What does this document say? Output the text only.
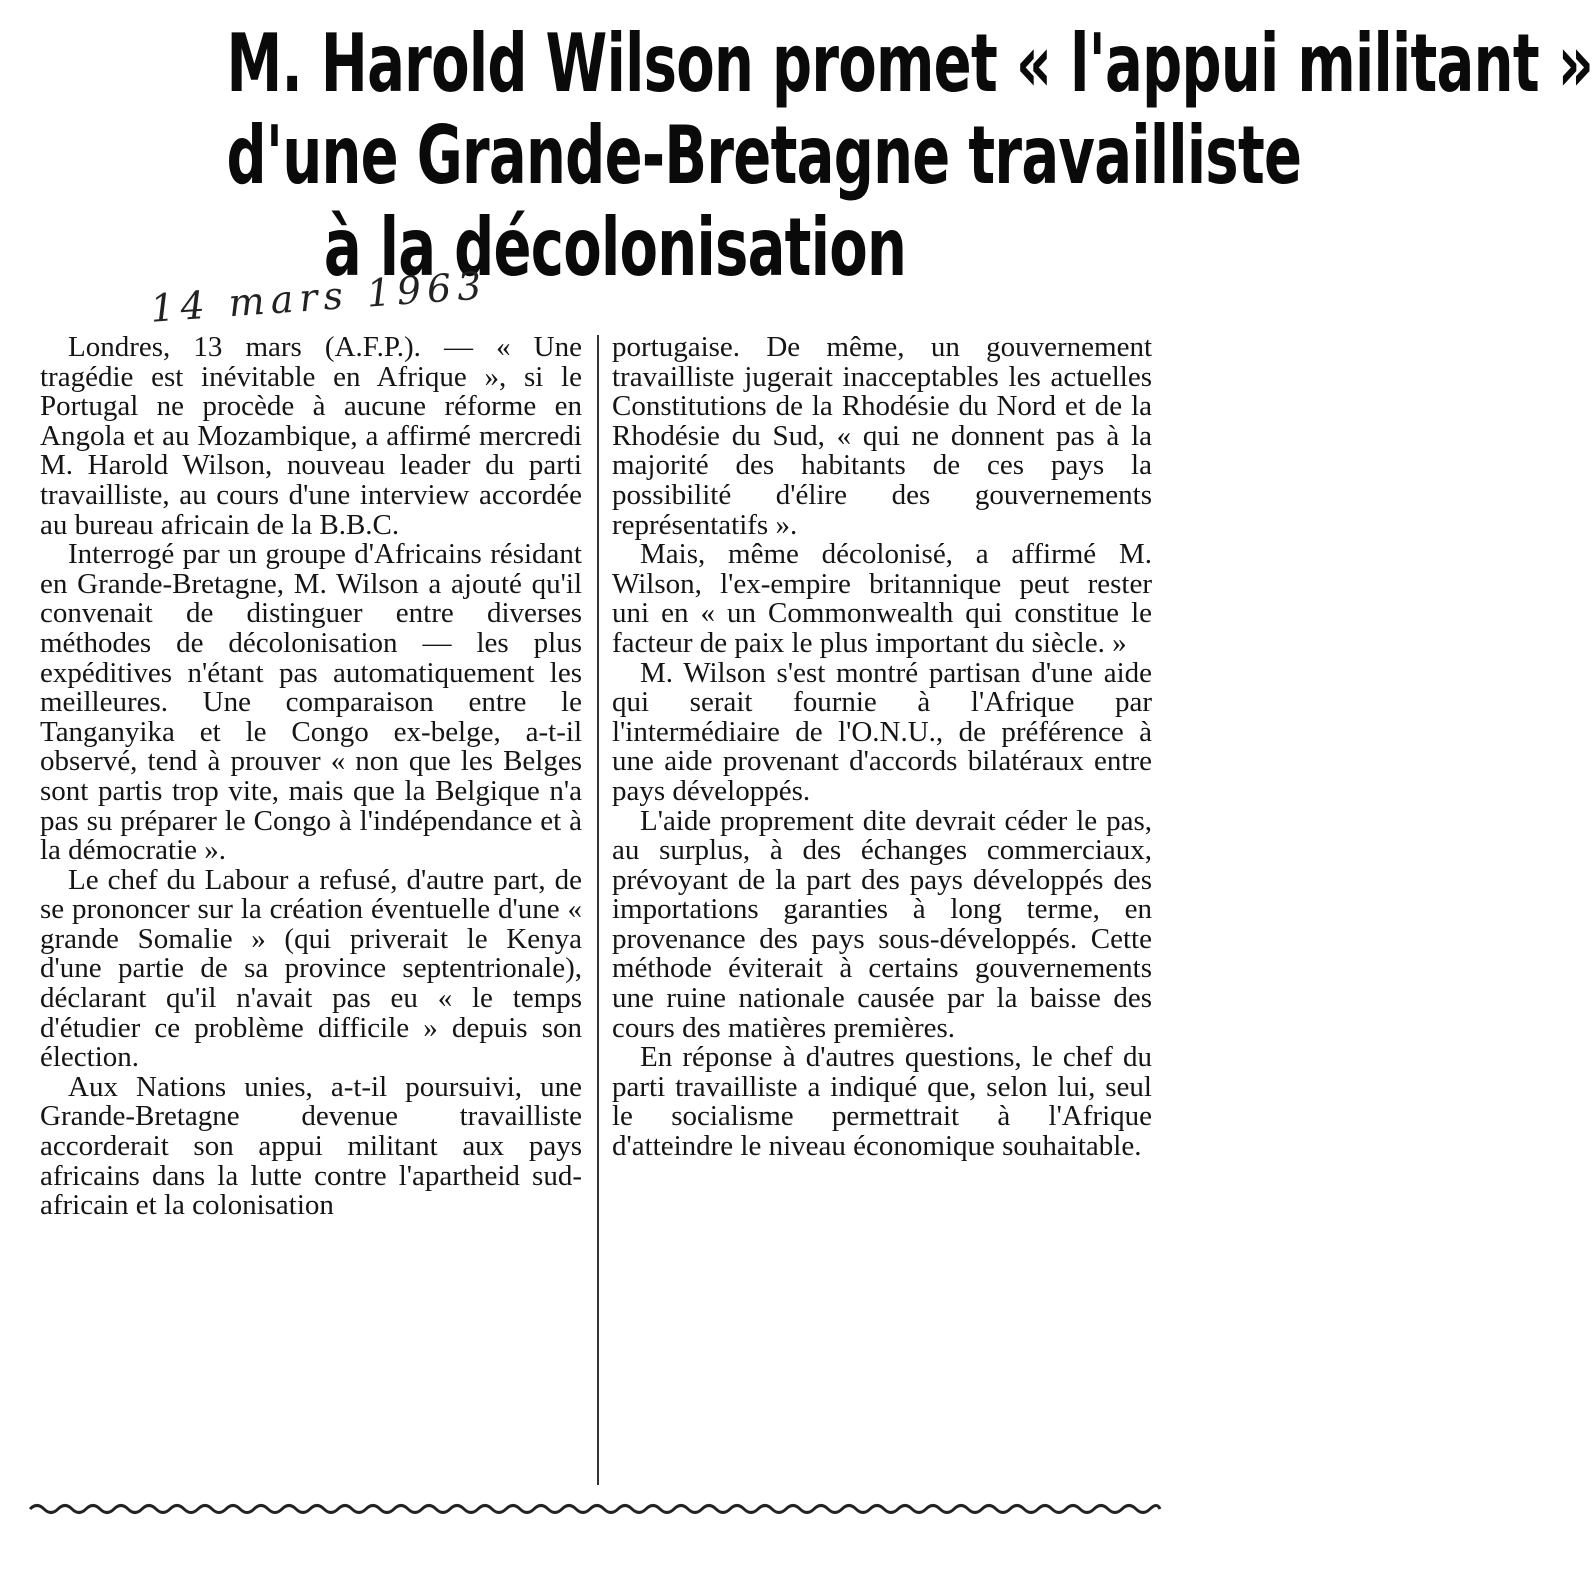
M. Harold Wilson promet « l'appui militant »
d'une Grande-Bretagne travailliste
à la décolonisation
14 mars 1963

Londres, 13 mars (A.F.P.). — « Une tragédie est inévitable en Afrique », si le Portugal ne procède à aucune réforme en Angola et au Mozambique, a affirmé mercredi M. Harold Wilson, nouveau leader du parti travailliste, au cours d'une interview accordée au bureau africain de la B.B.C.

Interrogé par un groupe d'Africains résidant en Grande-Bretagne, M. Wilson a ajouté qu'il convenait de distinguer entre diverses méthodes de décolonisation — les plus expéditives n'étant pas automatiquement les meilleures. Une comparaison entre le Tanganyika et le Congo ex-belge, a-t-il observé, tend à prouver « non que les Belges sont partis trop vite, mais que la Belgique n'a pas su préparer le Congo à l'indépendance et à la démocratie ».

Le chef du Labour a refusé, d'autre part, de se prononcer sur la création éventuelle d'une « grande Somalie » (qui priverait le Kenya d'une partie de sa province septentrionale), déclarant qu'il n'avait pas eu « le temps d'étudier ce problème difficile » depuis son élection.

Aux Nations unies, a-t-il poursuivi, une Grande-Bretagne devenue travailliste accorderait son appui militant aux pays africains dans la lutte contre l'apartheid sud-africain et la colonisation

portugaise. De même, un gouvernement travailliste jugerait inacceptables les actuelles Constitutions de la Rhodésie du Nord et de la Rhodésie du Sud, « qui ne donnent pas à la majorité des habitants de ces pays la possibilité d'élire des gouvernements représentatifs ».

Mais, même décolonisé, a affirmé M. Wilson, l'ex-empire britannique peut rester uni en « un Commonwealth qui constitue le facteur de paix le plus important du siècle. »

M. Wilson s'est montré partisan d'une aide qui serait fournie à l'Afrique par l'intermédiaire de l'O.N.U., de préférence à une aide provenant d'accords bilatéraux entre pays développés.

L'aide proprement dite devrait céder le pas, au surplus, à des échanges commerciaux, prévoyant de la part des pays développés des importations garanties à long terme, en provenance des pays sous-développés. Cette méthode éviterait à certains gouvernements une ruine nationale causée par la baisse des cours des matières premières.

En réponse à d'autres questions, le chef du parti travailliste a indiqué que, selon lui, seul le socialisme permettrait à l'Afrique d'atteindre le niveau économique souhaitable.
